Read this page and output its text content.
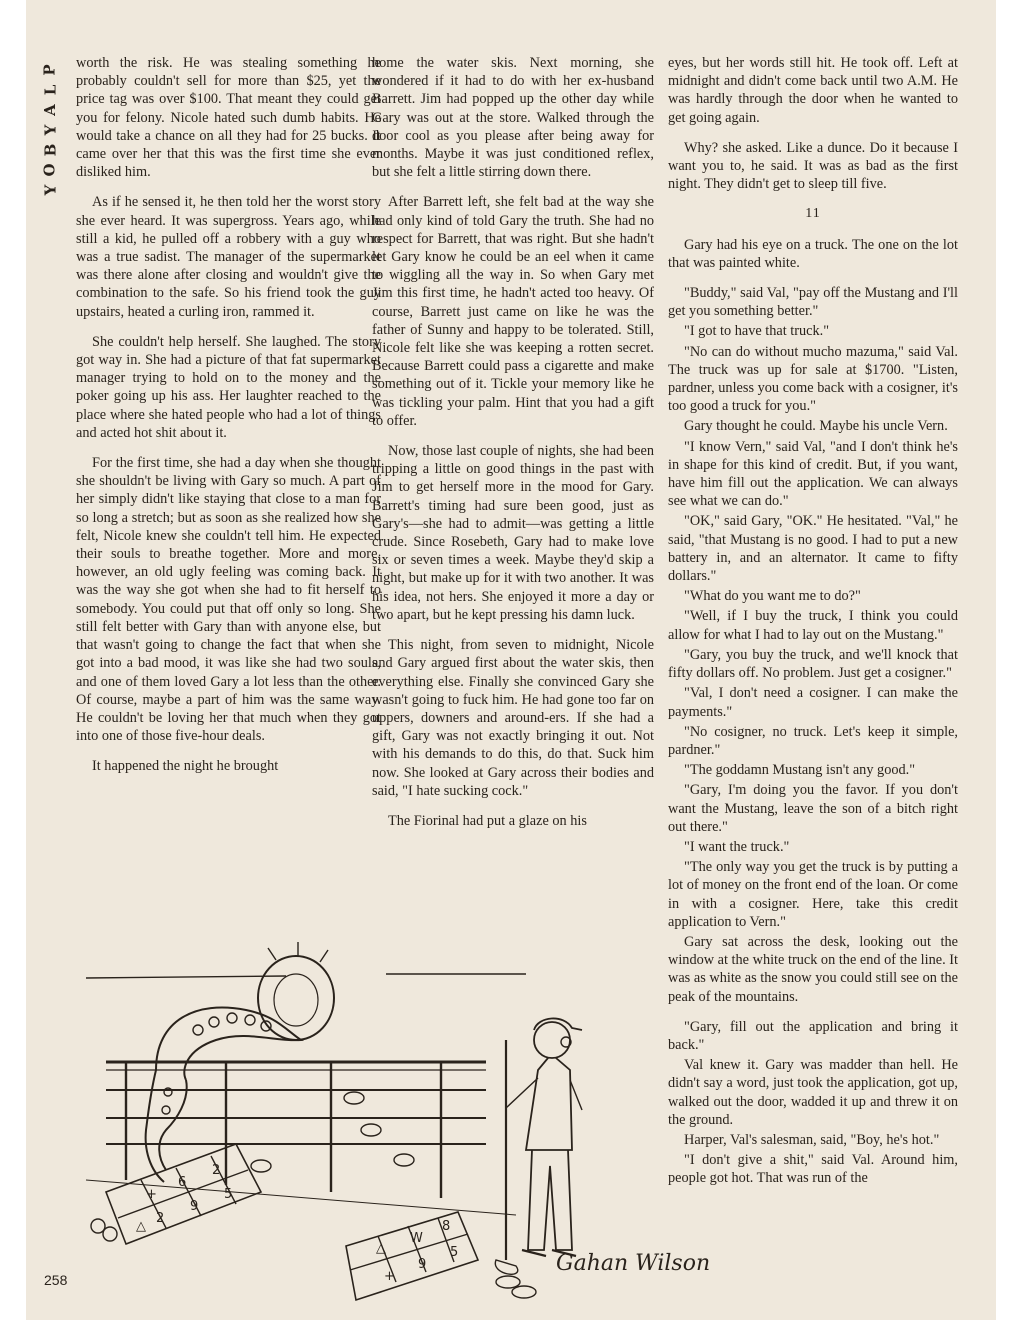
P
L
A
Y
B
O
Y

worth the risk. He was stealing something he probably couldn't sell for more than $25, yet the price tag was over $100. That meant they could get you for felony. Nicole hated such dumb habits. He would take a chance on all they had for 25 bucks. It came over her that this was the first time she ever disliked him.

As if he sensed it, he then told her the worst story she ever heard. It was supergross. Years ago, while still a kid, he pulled off a robbery with a guy who was a true sadist. The manager of the supermarket was there alone after closing and wouldn't give the combination to the safe. So his friend took the guy upstairs, heated a curling iron, rammed it.

She couldn't help herself. She laughed. The story got way in. She had a picture of that fat supermarket manager trying to hold on to the money and the poker going up his ass. Her laughter reached to the place where she hated people who had a lot of things and acted hot shit about it.

For the first time, she had a day when she thought she shouldn't be living with Gary so much. A part of her simply didn't like staying that close to a man for so long a stretch; but as soon as she realized how she felt, Nicole knew she couldn't tell him. He expected their souls to breathe together. More and more, however, an old ugly feeling was coming back. It was the way she got when she had to fit herself to somebody. You could put that off only so long. She still felt better with Gary than with anyone else, but that wasn't going to change the fact that when she got into a bad mood, it was like she had two souls, and one of them loved Gary a lot less than the other. Of course, maybe a part of him was the same way. He couldn't be loving her that much when they got into one of those five-hour deals.

It happened the night he brought

home the water skis. Next morning, she wondered if it had to do with her ex-husband Barrett. Jim had popped up the other day while Gary was out at the store. Walked through the door cool as you please after being away for months. Maybe it was just conditioned reflex, but she felt a little stirring down there.

After Barrett left, she felt bad at the way she had only kind of told Gary the truth. She had no respect for Barrett, that was right. But she hadn't let Gary know he could be an eel when it came to wiggling all the way in. So when Gary met Jim this first time, he hadn't acted too heavy. Of course, Barrett just came on like he was the father of Sunny and happy to be tolerated. Still, Nicole felt like she was keeping a rotten secret. Because Barrett could pass a cigarette and make something out of it. Tickle your memory like he was tickling your palm. Hint that you had a gift to offer.

Now, those last couple of nights, she had been tripping a little on good things in the past with Jim to get herself more in the mood for Gary. Barrett's timing had sure been good, just as Gary's—she had to admit—was getting a little crude. Since Rosebeth, Gary had to make love six or seven times a week. Maybe they'd skip a night, but make up for it with two another. It was his idea, not hers. She enjoyed it more a day or two apart, but he kept pressing his damn luck.

This night, from seven to midnight, Nicole and Gary argued first about the water skis, then everything else. Finally she convinced Gary she wasn't going to fuck him. He had gone too far on uppers, downers and around-ers. If she had a gift, Gary was not exactly bringing it out. Not with his demands to do this, do that. Suck him now. She looked at Gary across their bodies and said, "I hate sucking cock."

The Fiorinal had put a glaze on his

eyes, but her words still hit. He took off. Left at midnight and didn't come back until two A.M. He was hardly through the door when he wanted to get going again.

Why? she asked. Like a dunce. Do it because I want you to, he said. It was as bad as the first night. They didn't get to sleep till five.

11

Gary had his eye on a truck. The one on the lot that was painted white.

"Buddy," said Val, "pay off the Mustang and I'll get you something better."

"I got to have that truck."

"No can do without mucho mazuma," said Val. The truck was up for sale at $1700. "Listen, pardner, unless you come back with a cosigner, it's too good a truck for you."

Gary thought he could. Maybe his uncle Vern.

"I know Vern," said Val, "and I don't think he's in shape for this kind of credit. But, if you want, have him fill out the application. We can always see what we can do."

"OK," said Gary, "OK." He hesitated. "Val," he said, "that Mustang is no good. I had to put a new battery in, and an alternator. It came to fifty dollars."

"What do you want me to do?"

"Well, if I buy the truck, I think you could allow for what I had to lay out on the Mustang."

"Gary, you buy the truck, and we'll knock that fifty dollars off. No problem. Just get a cosigner."

"Val, I don't need a cosigner. I can make the payments."

"No cosigner, no truck. Let's keep it simple, pardner."

"The goddamn Mustang isn't any good."

"Gary, I'm doing you the favor. If you don't want the Mustang, leave the son of a bitch right out there."

"I want the truck."

"The only way you get the truck is by putting a lot of money on the front end of the loan. Or come in with a cosigner. Here, take this credit application to Vern."

Gary sat across the desk, looking out the window at the white truck on the end of the line. It was as white as the snow you could still see on the peak of the mountains.

"Gary, fill out the application and bring it back."

Val knew it. Gary was madder than hell. He didn't say a word, just took the application, got up, walked out the door, wadded it up and threw it on the ground.

Harper, Val's salesman, said, "Boy, he's hot."

"I don't give a shit," said Val. Around him, people got hot. That was run of the

Gahan Wilson
+
6
2
2
9
△
5
△
W
8
+
9
5
258
